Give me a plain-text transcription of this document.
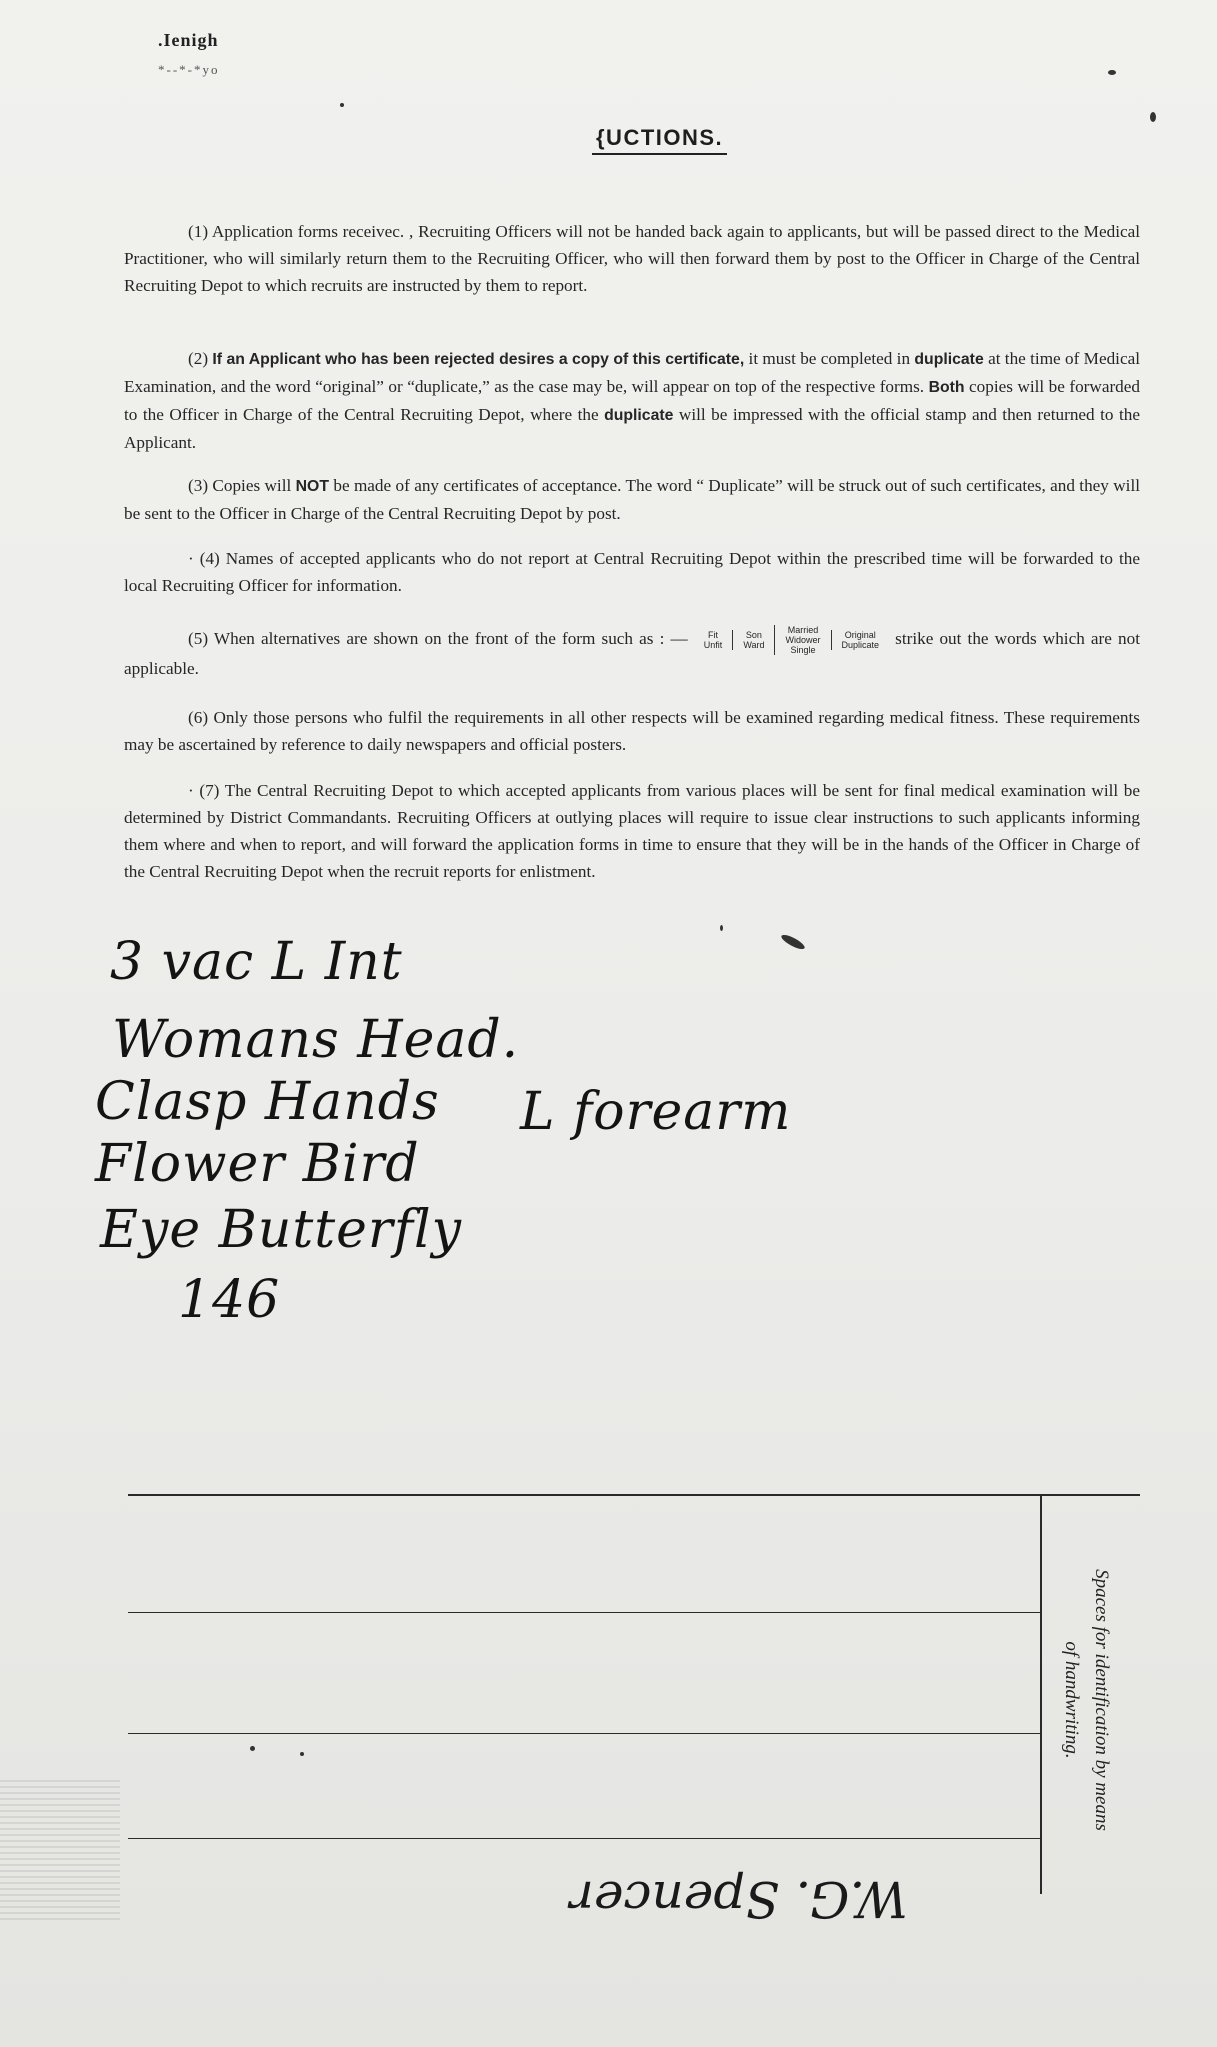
.Ienigh
*--*-*yo
{UCTIONS.
(1) Application forms receivec. , Recruiting Officers will not be handed back again to applicants, but will be passed direct to the Medical Practitioner, who will similarly return them to the Recruiting Officer, who will then forward them by post to the Officer in Charge of the Central Recruiting Depot to which recruits are instructed by them to report.
(2) If an Applicant who has been rejected desires a copy of this certificate, it must be completed in duplicate at the time of Medical Examination, and the word “original” or “duplicate,” as the case may be, will appear on top of the respective forms. Both copies will be forwarded to the Officer in Charge of the Central Recruiting Depot, where the duplicate will be impressed with the official stamp and then returned to the Applicant.
(3) Copies will NOT be made of any certificates of acceptance. The word “ Duplicate” will be struck out of such certificates, and they will be sent to the Officer in Charge of the Central Recruiting Depot by post.
· (4) Names of accepted applicants who do not report at Central Recruiting Depot within the prescribed time will be forwarded to the local Recruiting Officer for information.
(5) When alternatives are shown on the front of the form such as : — Fit
UnfitSon
WardMarried
Widower
SingleOriginal
Duplicate strike out the words which are not applicable.
(6) Only those persons who fulfil the requirements in all other respects will be examined regarding medical fitness. These requirements may be ascertained by reference to daily newspapers and official posters.
· (7) The Central Recruiting Depot to which accepted applicants from various places will be sent for final medical examination will be determined by District Commandants. Recruiting Officers at outlying places will require to issue clear instructions to such applicants informing them where and when to report, and will forward the application forms in time to ensure that they will be in the hands of the Officer in Charge of the Central Recruiting Depot when the recruit reports for enlistment.
3 vac L Int
Womans Head.
Clasp Hands L forearm
Flower Bird
Eye Butterfly
146
Spaces for identification by means
of handwriting.
W.G. Spencer
